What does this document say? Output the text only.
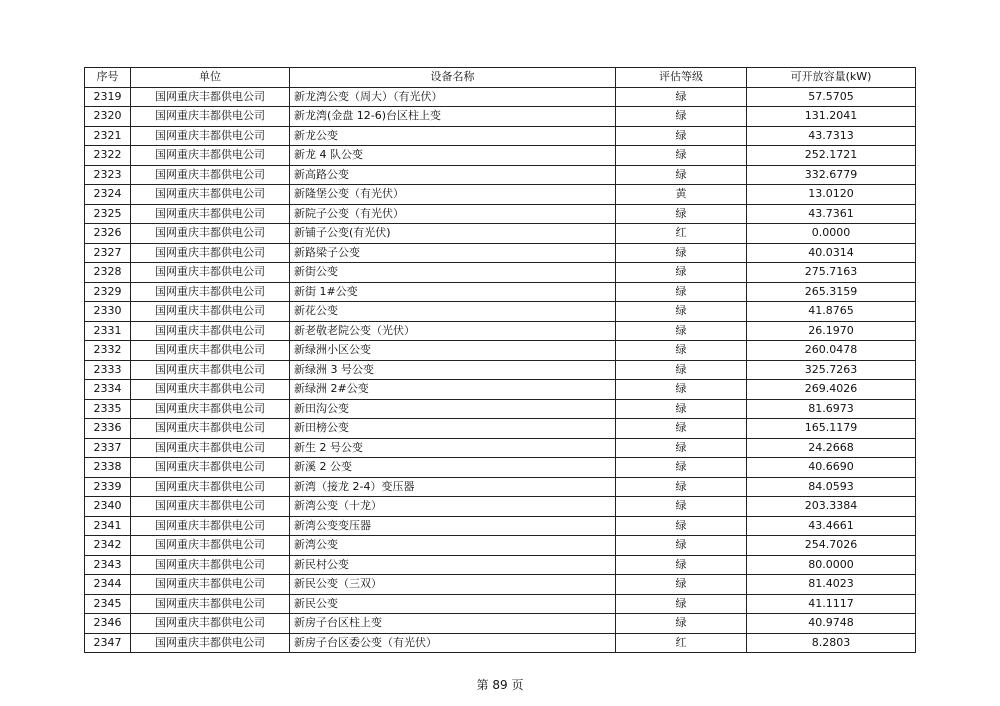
序号	单位	设备名称	评估等级	可开放容量(kW)
2319	国网重庆丰都供电公司	新龙湾公变（周大）（有光伏）	绿	57.5705
2320	国网重庆丰都供电公司	新龙湾(金盘 12-6)台区柱上变	绿	131.2041
2321	国网重庆丰都供电公司	新龙公变	绿	43.7313
2322	国网重庆丰都供电公司	新龙 4 队公变	绿	252.1721
2323	国网重庆丰都供电公司	新高路公变	绿	332.6779
2324	国网重庆丰都供电公司	新隆堡公变（有光伏）	黄	13.0120
2325	国网重庆丰都供电公司	新院子公变（有光伏）	绿	43.7361
2326	国网重庆丰都供电公司	新铺子公变(有光伏)	红	0.0000
2327	国网重庆丰都供电公司	新路梁子公变	绿	40.0314
2328	国网重庆丰都供电公司	新街公变	绿	275.7163
2329	国网重庆丰都供电公司	新街 1#公变	绿	265.3159
2330	国网重庆丰都供电公司	新花公变	绿	41.8765
2331	国网重庆丰都供电公司	新老敬老院公变（光伏）	绿	26.1970
2332	国网重庆丰都供电公司	新绿洲小区公变	绿	260.0478
2333	国网重庆丰都供电公司	新绿洲 3 号公变	绿	325.7263
2334	国网重庆丰都供电公司	新绿洲 2#公变	绿	269.4026
2335	国网重庆丰都供电公司	新田沟公变	绿	81.6973
2336	国网重庆丰都供电公司	新田榜公变	绿	165.1179
2337	国网重庆丰都供电公司	新生 2 号公变	绿	24.2668
2338	国网重庆丰都供电公司	新溪 2 公变	绿	40.6690
2339	国网重庆丰都供电公司	新湾（接龙 2-4）变压器	绿	84.0593
2340	国网重庆丰都供电公司	新湾公变（十龙）	绿	203.3384
2341	国网重庆丰都供电公司	新湾公变变压器	绿	43.4661
2342	国网重庆丰都供电公司	新湾公变	绿	254.7026
2343	国网重庆丰都供电公司	新民村公变	绿	80.0000
2344	国网重庆丰都供电公司	新民公变（三双）	绿	81.4023
2345	国网重庆丰都供电公司	新民公变	绿	41.1117
2346	国网重庆丰都供电公司	新房子台区柱上变	绿	40.9748
2347	国网重庆丰都供电公司	新房子台区委公变（有光伏）	红	8.2803
第 89 页
